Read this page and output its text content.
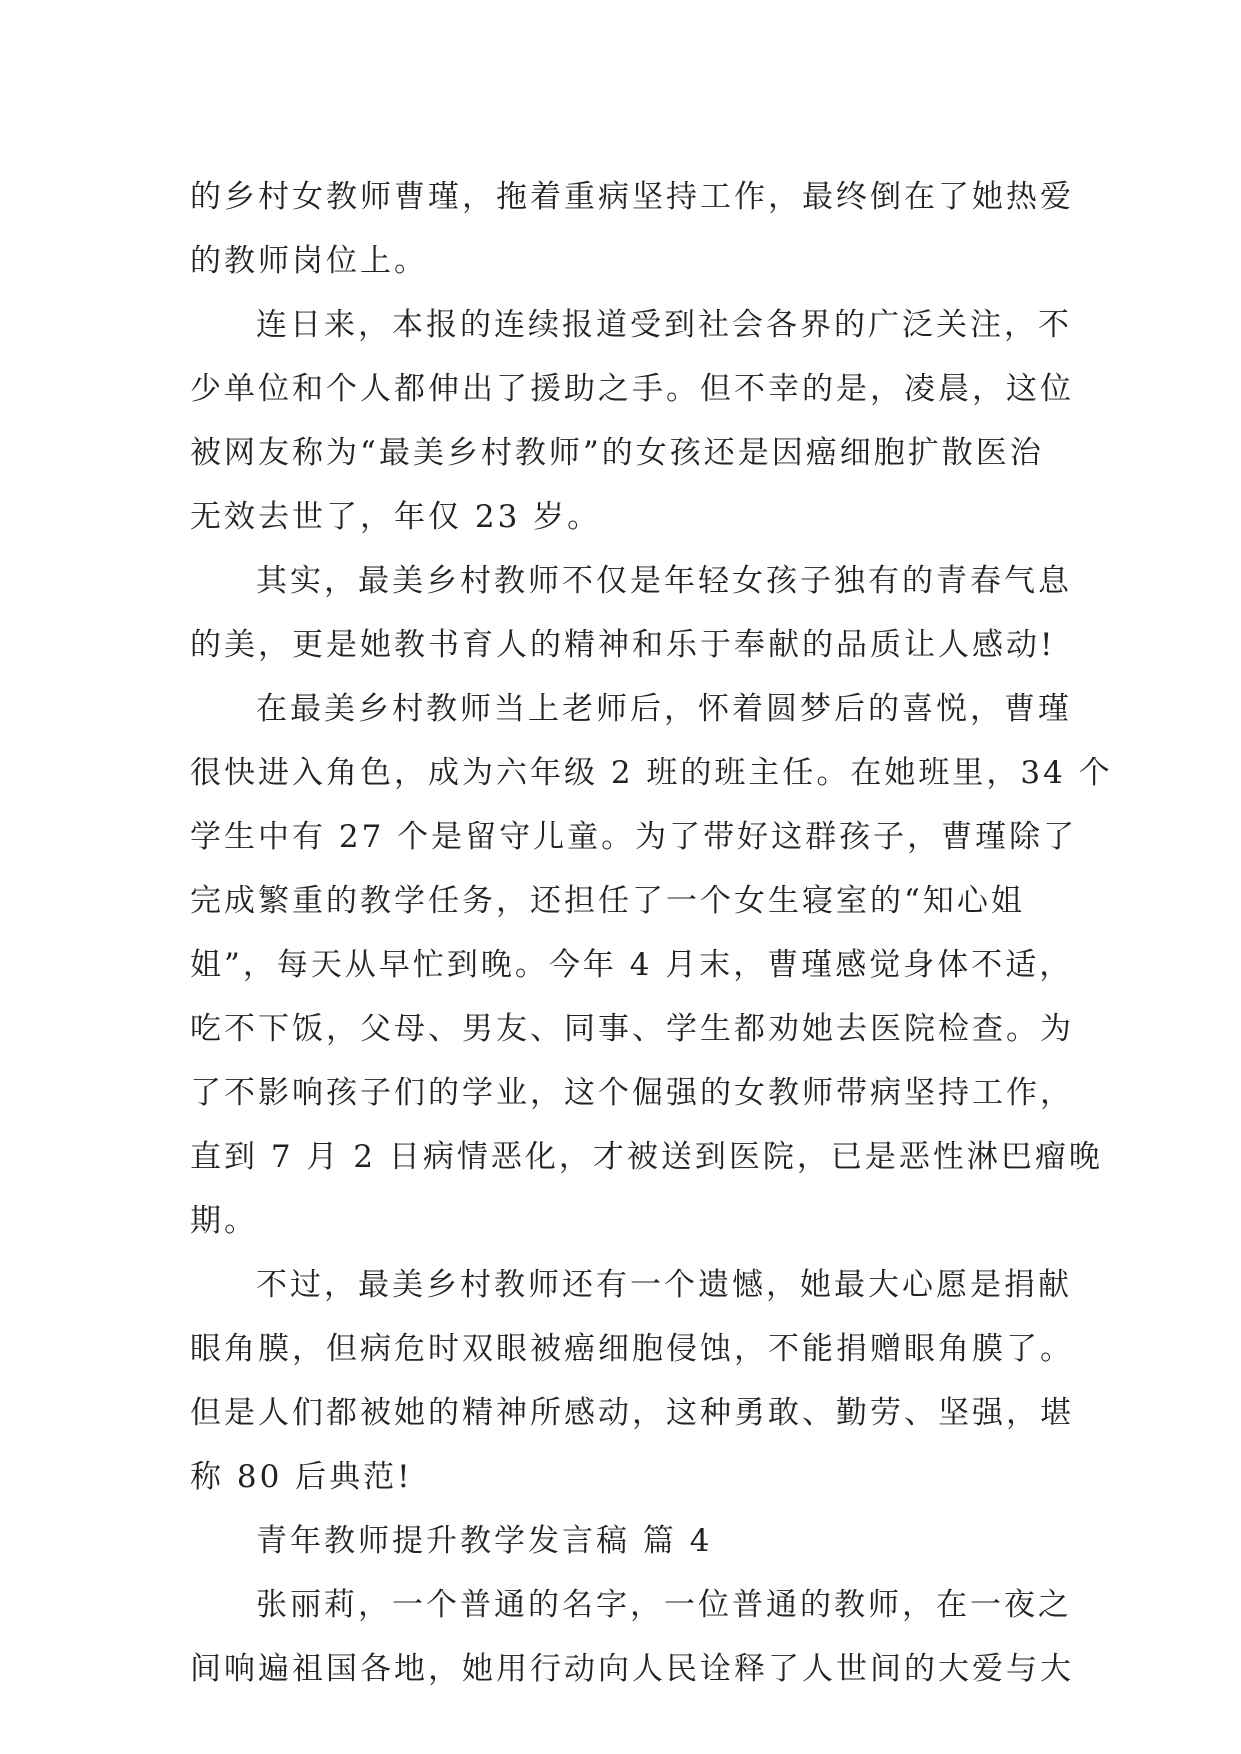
的乡村女教师曹瑾，拖着重病坚持工作，最终倒在了她热爱
的教师岗位上。
连日来，本报的连续报道受到社会各界的广泛关注，不
少单位和个人都伸出了援助之手。但不幸的是，凌晨，这位
被网友称为“最美乡村教师”的女孩还是因癌细胞扩散医治
无效去世了，年仅 23 岁。
其实，最美乡村教师不仅是年轻女孩子独有的青春气息
的美，更是她教书育人的精神和乐于奉献的品质让人感动!
在最美乡村教师当上老师后，怀着圆梦后的喜悦，曹瑾
很快进入角色，成为六年级 2 班的班主任。在她班里，34 个
学生中有 27 个是留守儿童。为了带好这群孩子，曹瑾除了
完成繁重的教学任务，还担任了一个女生寝室的“知心姐
姐”，每天从早忙到晚。今年 4 月末，曹瑾感觉身体不适，
吃不下饭，父母、男友、同事、学生都劝她去医院检查。为
了不影响孩子们的学业，这个倔强的女教师带病坚持工作，
直到 7 月 2 日病情恶化，才被送到医院，已是恶性淋巴瘤晚
期。
不过，最美乡村教师还有一个遗憾，她最大心愿是捐献
眼角膜，但病危时双眼被癌细胞侵蚀，不能捐赠眼角膜了。
但是人们都被她的精神所感动，这种勇敢、勤劳、坚强，堪
称 80 后典范!
青年教师提升教学发言稿 篇 4
张丽莉，一个普通的名字，一位普通的教师，在一夜之
间响遍祖国各地，她用行动向人民诠释了人世间的大爱与大
